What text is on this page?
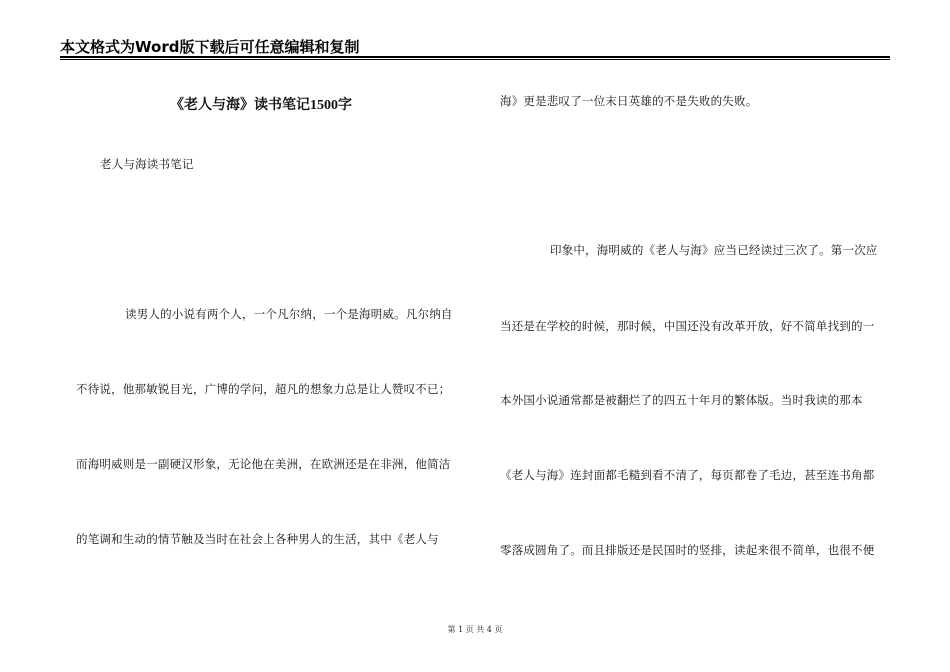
本文格式为Word版下载后可任意编辑和复制
《老人与海》读书笔记1500字
老人与海读书笔记
读男人的小说有两个人，一个凡尔纳，一个是海明威。凡尔纳自
不待说，他那敏锐目光，广博的学问，超凡的想象力总是让人赞叹不已；
而海明威则是一副硬汉形象，无论他在美洲，在欧洲还是在非洲，他简洁
的笔调和生动的情节触及当时在社会上各种男人的生活，其中《老人与
海》更是悲叹了一位末日英雄的不是失败的失败。
印象中，海明威的《老人与海》应当已经读过三次了。第一次应
当还是在学校的时候，那时候，中国还没有改革开放，好不简单找到的一
本外国小说通常都是被翻烂了的四五十年月的繁体版。当时我读的那本
《老人与海》连封面都毛糙到看不清了，每页都卷了毛边，甚至连书角都
零落成圆角了。而且排版还是民国时的竖排，读起来很不简单，也很不便
第 1 页 共 4 页
